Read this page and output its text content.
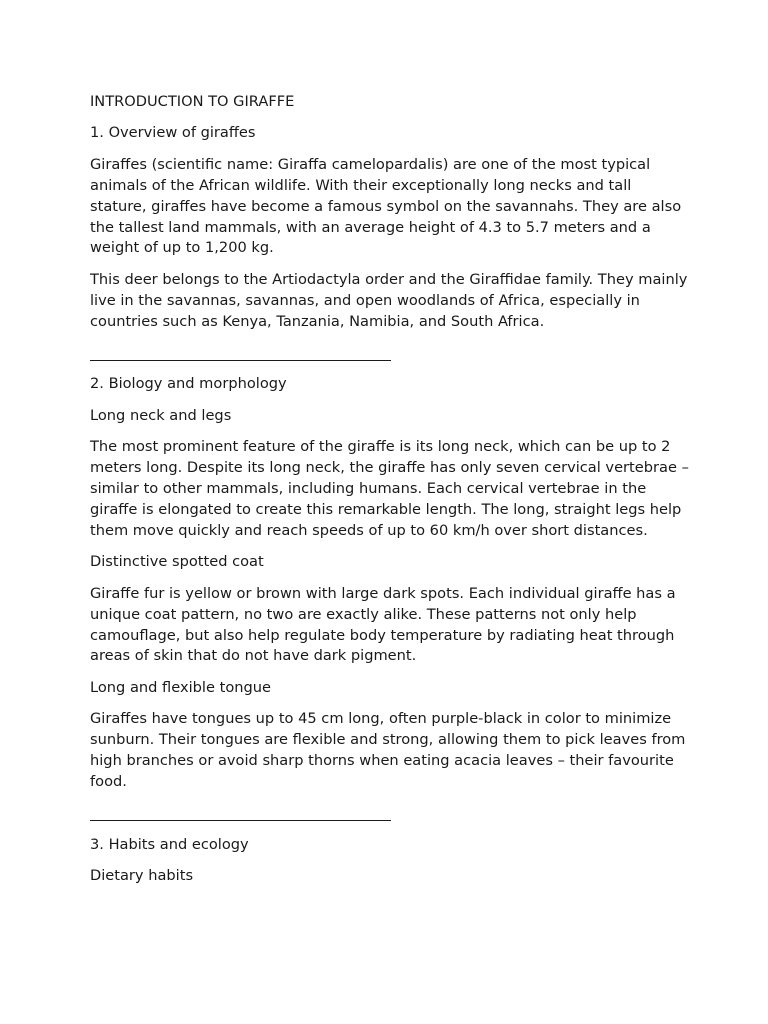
INTRODUCTION TO GIRAFFE

1. Overview of giraffes

Giraffes (scientific name: Giraffa camelopardalis) are one of the most typical animals of the African wildlife. With their exceptionally long necks and tall stature, giraffes have become a famous symbol on the savannahs. They are also the tallest land mammals, with an average height of 4.3 to 5.7 meters and a weight of up to 1,200 kg.

This deer belongs to the Artiodactyla order and the Giraffidae family. They mainly live in the savannas, savannas, and open woodlands of Africa, especially in countries such as Kenya, Tanzania, Namibia, and South Africa.

2. Biology and morphology

Long neck and legs

The most prominent feature of the giraffe is its long neck, which can be up to 2 meters long. Despite its long neck, the giraffe has only seven cervical vertebrae – similar to other mammals, including humans. Each cervical vertebrae in the giraffe is elongated to create this remarkable length. The long, straight legs help them move quickly and reach speeds of up to 60 km/h over short distances.

Distinctive spotted coat

Giraffe fur is yellow or brown with large dark spots. Each individual giraffe has a unique coat pattern, no two are exactly alike. These patterns not only help camouflage, but also help regulate body temperature by radiating heat through areas of skin that do not have dark pigment.

Long and flexible tongue

Giraffes have tongues up to 45 cm long, often purple-black in color to minimize sunburn. Their tongues are flexible and strong, allowing them to pick leaves from high branches or avoid sharp thorns when eating acacia leaves – their favourite food.

3. Habits and ecology

Dietary habits
